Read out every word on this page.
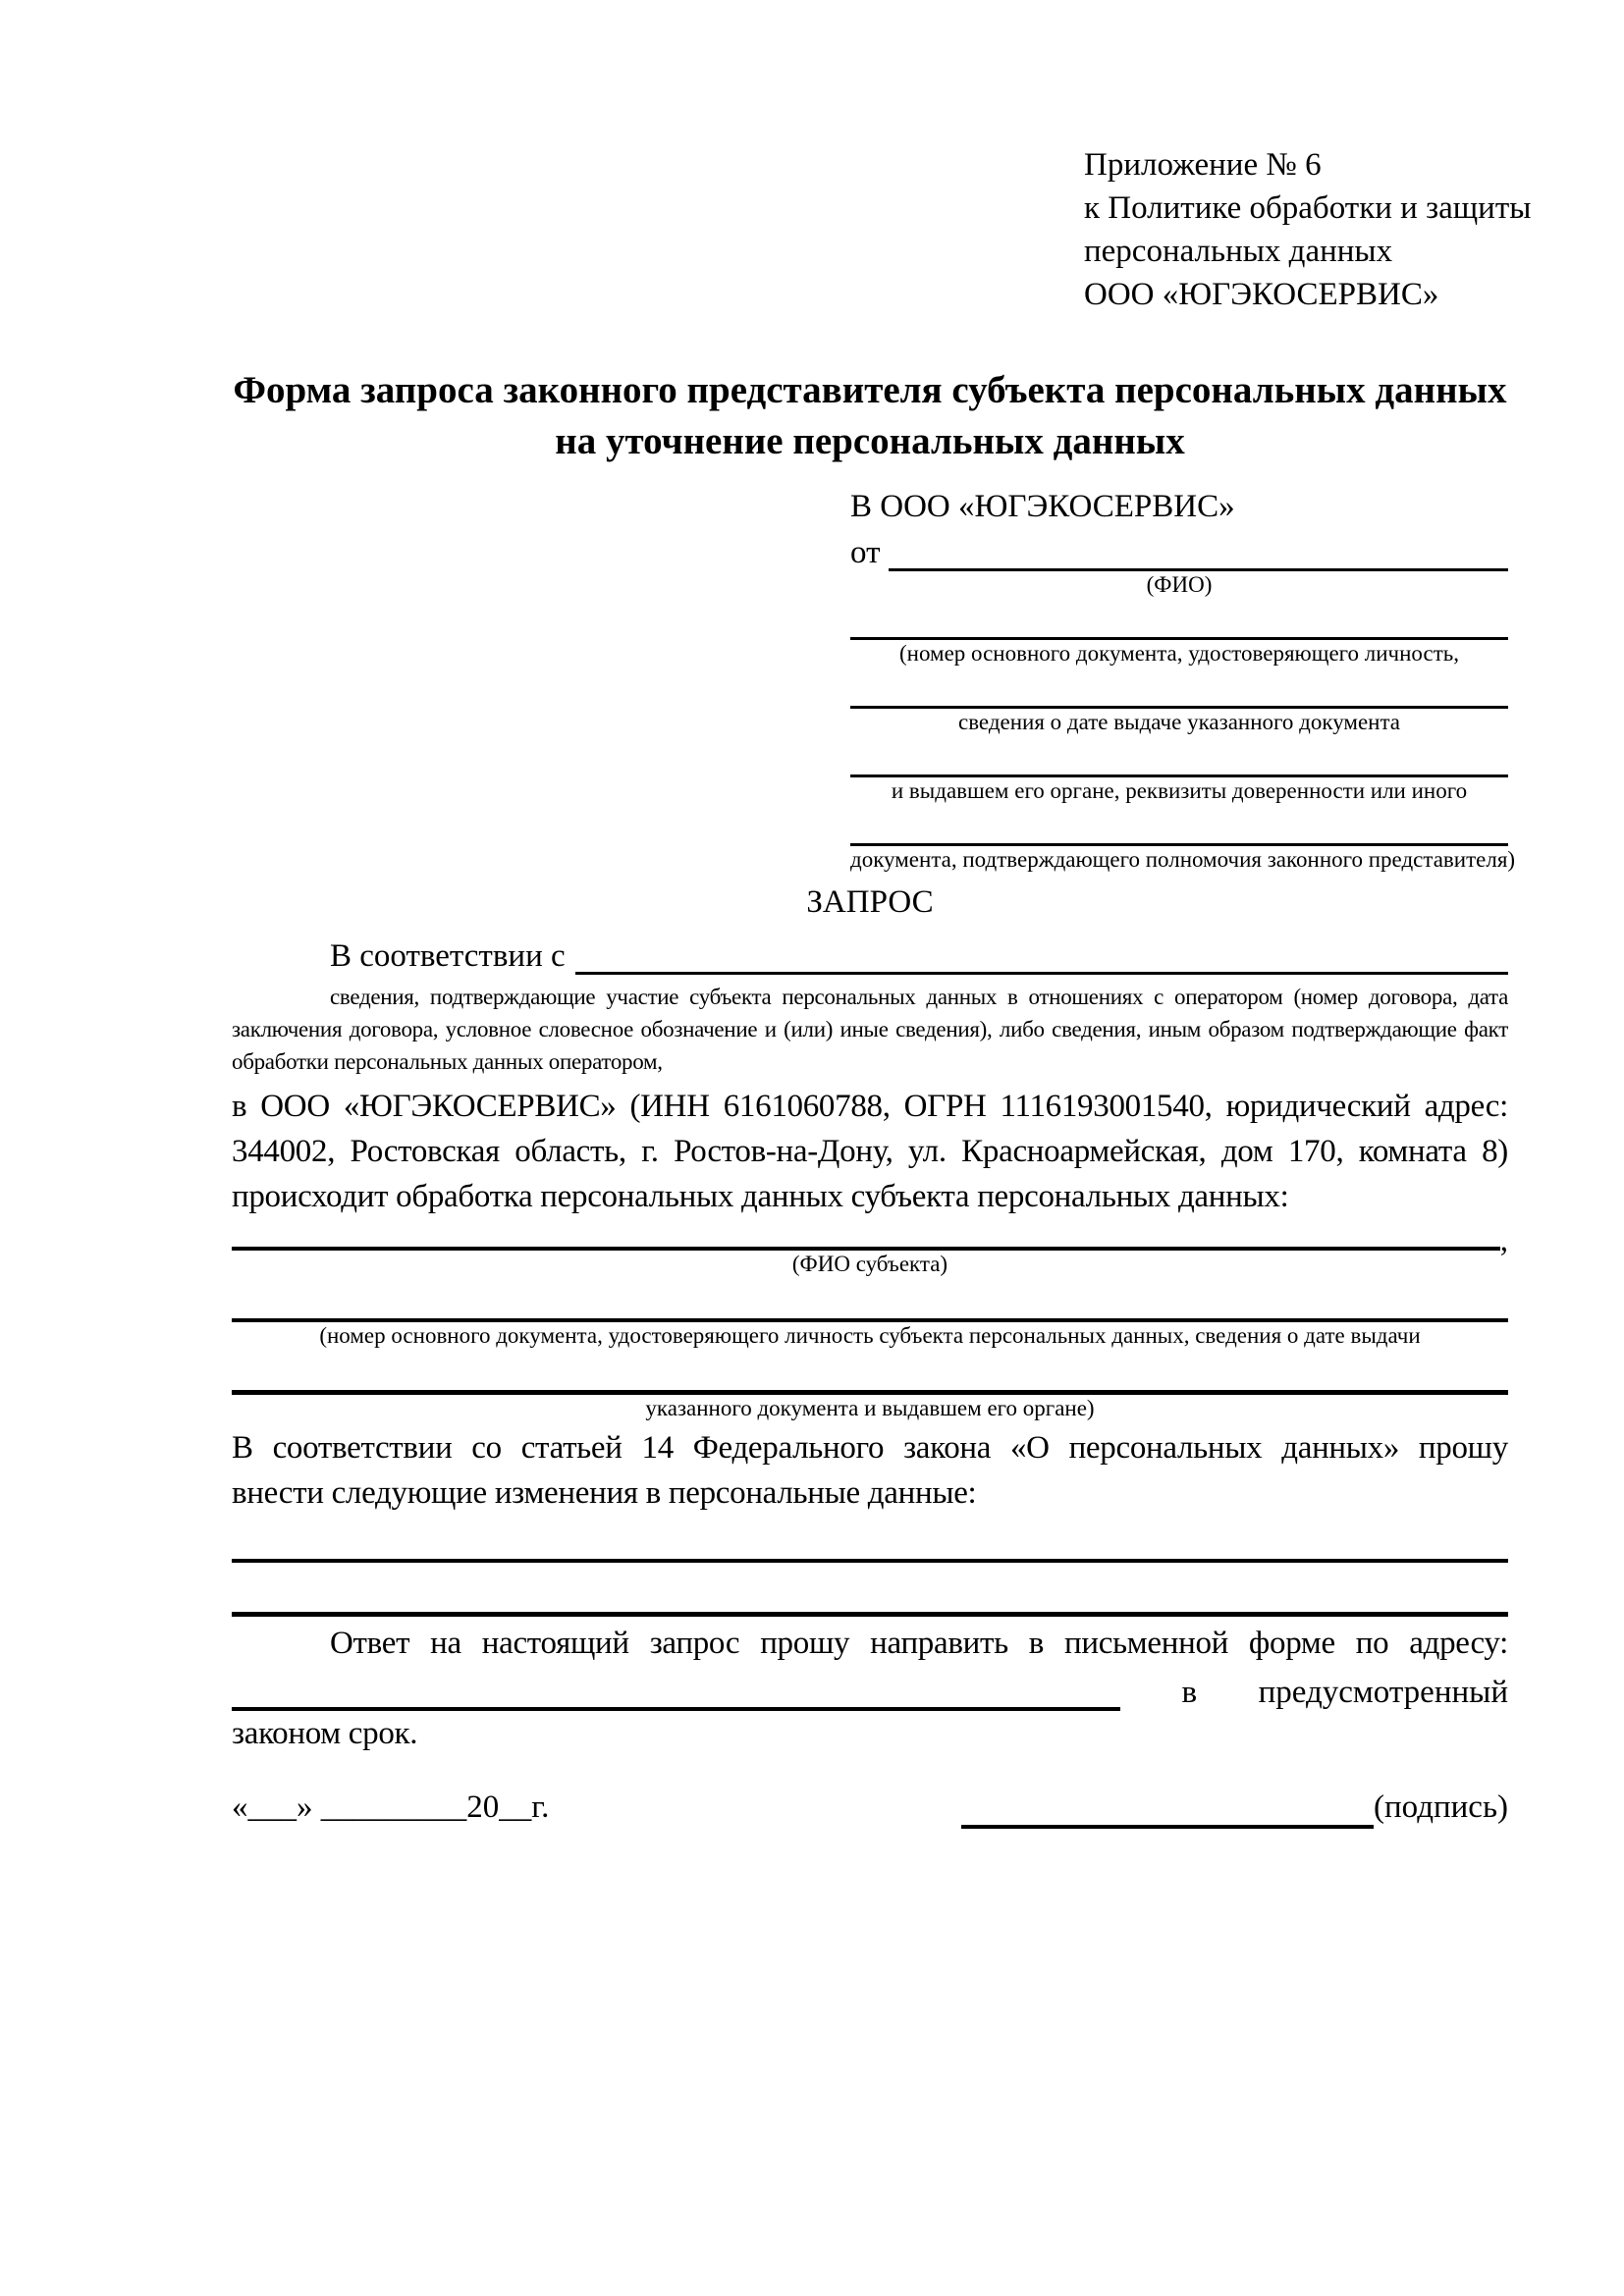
Приложение № 6
к Политике обработки и защиты
персональных данных
ООО «ЮГЭКОСЕРВИС»
Форма запроса законного представителя субъекта персональных данных
на уточнение персональных данных
В ООО «ЮГЭКОСЕРВИС»
от
(ФИО)
(номер основного документа, удостоверяющего личность,
сведения о дате выдаче указанного документа
и выдавшем его органе, реквизиты доверенности или иного
документа, подтверждающего полномочия законного представителя)
ЗАПРОС
В соответствии с
сведения, подтверждающие участие субъекта персональных данных в отношениях с оператором (номер договора, дата
заключения договора, условное словесное обозначение и (или) иные сведения), либо сведения, иным образом подтверждающие факт
обработки персональных данных оператором,
в ООО «ЮГЭКОСЕРВИС» (ИНН 6161060788, ОГРН 1116193001540, юридический адрес:
344002, Ростовская область, г. Ростов-на-Дону, ул. Красноармейская, дом 170, комната 8)
происходит обработка персональных данных субъекта персональных данных:
,
(ФИО субъекта)
(номер основного документа, удостоверяющего личность субъекта персональных данных, сведения о дате выдачи
указанного документа и выдавшем его органе)
В соответствии со статьей 14 Федерального закона «О персональных данных» прошу
внести следующие изменения в персональные данные:
Ответ на настоящий запрос прошу направить в письменной форме по адресу:
в предусмотренный
законом срок.
«___» _________20__г.	(подпись)
